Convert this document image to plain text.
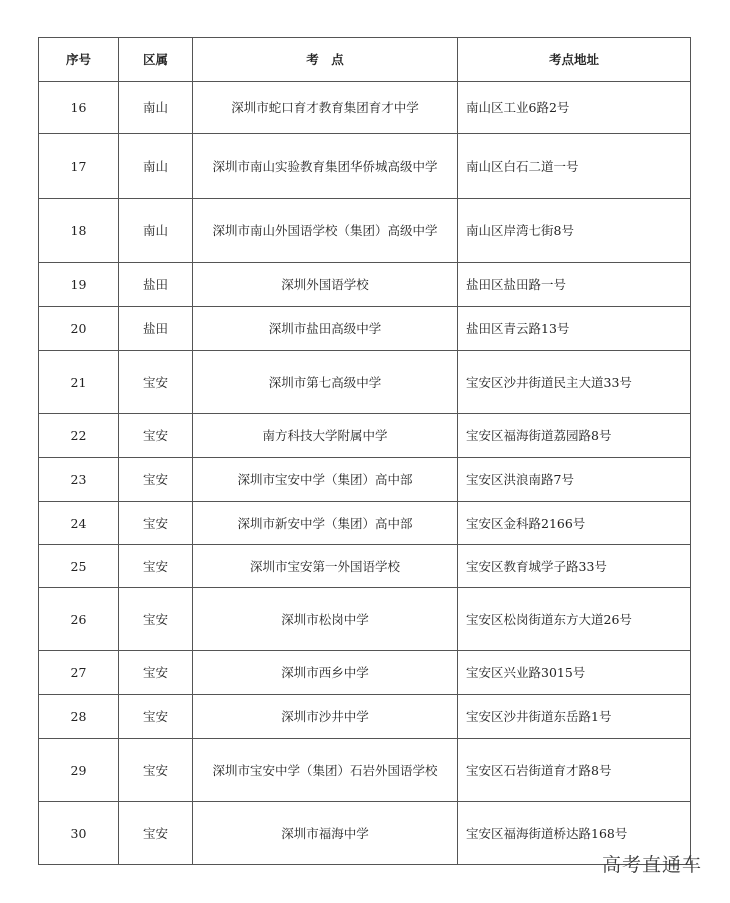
序号	区属	考　点	考点地址
16	南山	深圳市蛇口育才教育集团育才中学	南山区工业6路2号
17	南山	深圳市南山实验教育集团华侨城高级中学	南山区白石二道一号
18	南山	深圳市南山外国语学校（集团）高级中学	南山区岸湾七街8号
19	盐田	深圳外国语学校	盐田区盐田路一号
20	盐田	深圳市盐田高级中学	盐田区青云路13号
21	宝安	深圳市第七高级中学	宝安区沙井街道民主大道33号
22	宝安	南方科技大学附属中学	宝安区福海街道荔园路8号
23	宝安	深圳市宝安中学（集团）高中部	宝安区洪浪南路7号
24	宝安	深圳市新安中学（集团）高中部	宝安区金科路2166号
25	宝安	深圳市宝安第一外国语学校	宝安区教育城学子路33号
26	宝安	深圳市松岗中学	宝安区松岗街道东方大道26号
27	宝安	深圳市西乡中学	宝安区兴业路3015号
28	宝安	深圳市沙井中学	宝安区沙井街道东岳路1号
29	宝安	深圳市宝安中学（集团）石岩外国语学校	宝安区石岩街道育才路8号
30	宝安	深圳市福海中学	宝安区福海街道桥达路168号
高考直通车
